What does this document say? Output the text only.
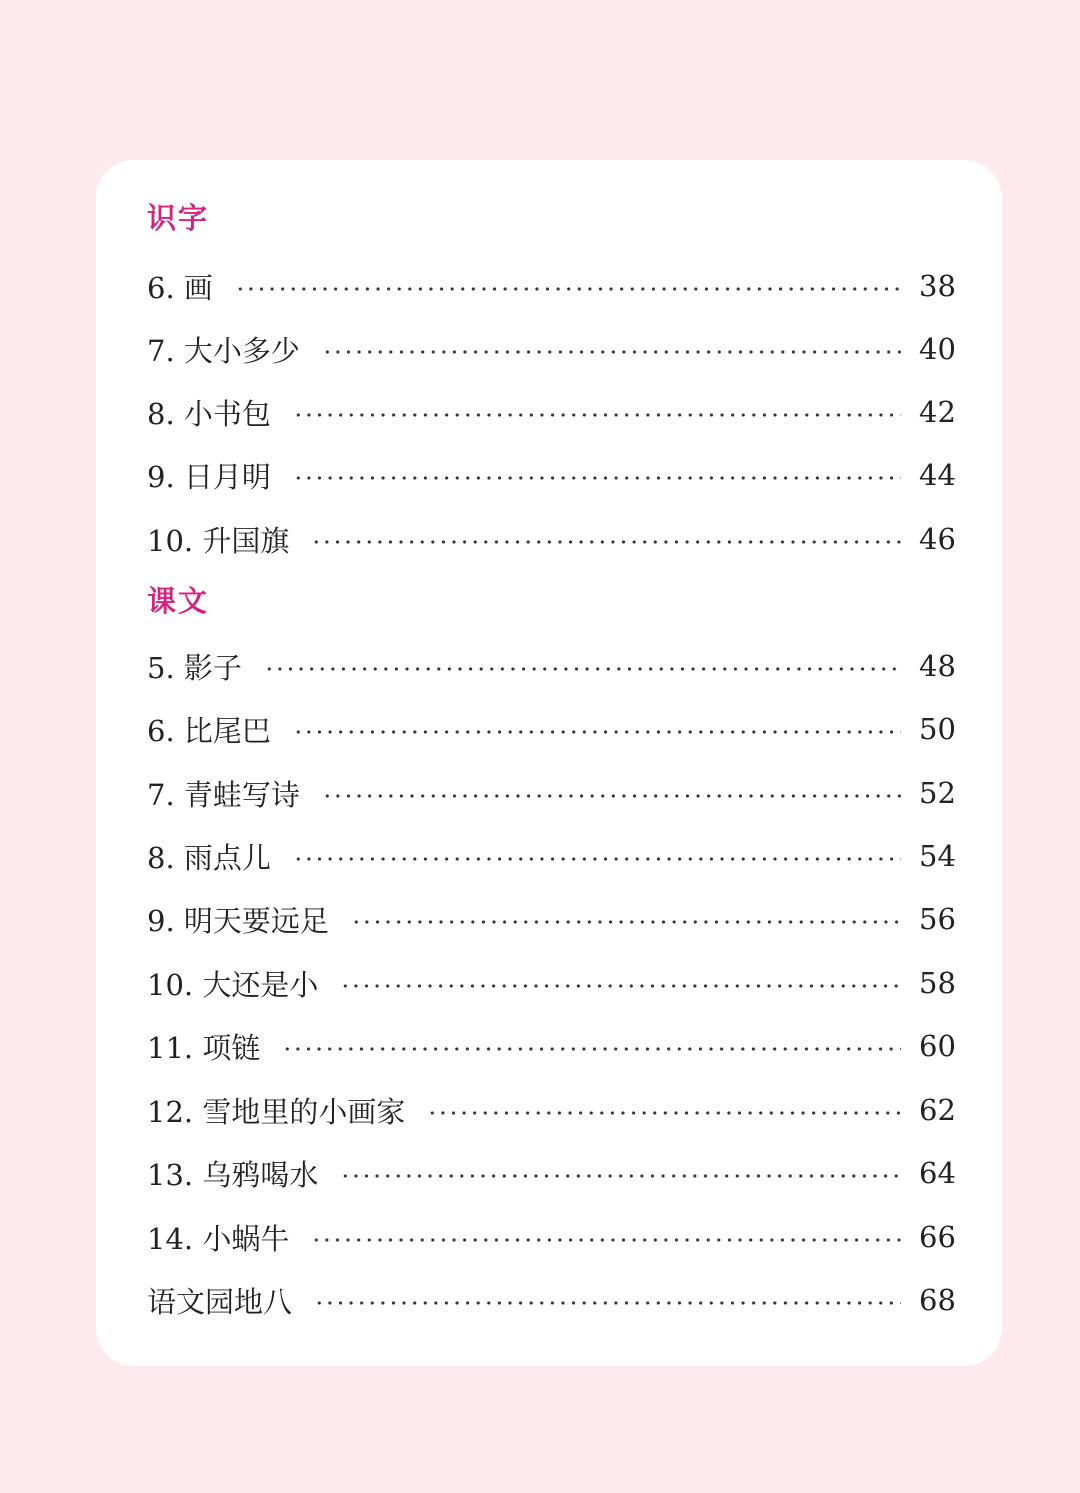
识字
6. 画	38
7. 大小多少	40
8. 小书包	42
9. 日月明	44
10. 升国旗	46
课文
5. 影子	48
6. 比尾巴	50
7. 青蛙写诗	52
8. 雨点儿	54
9. 明天要远足	56
10. 大还是小	58
11. 项链	60
12. 雪地里的小画家	62
13. 乌鸦喝水	64
14. 小蜗牛	66
语文园地八	68
